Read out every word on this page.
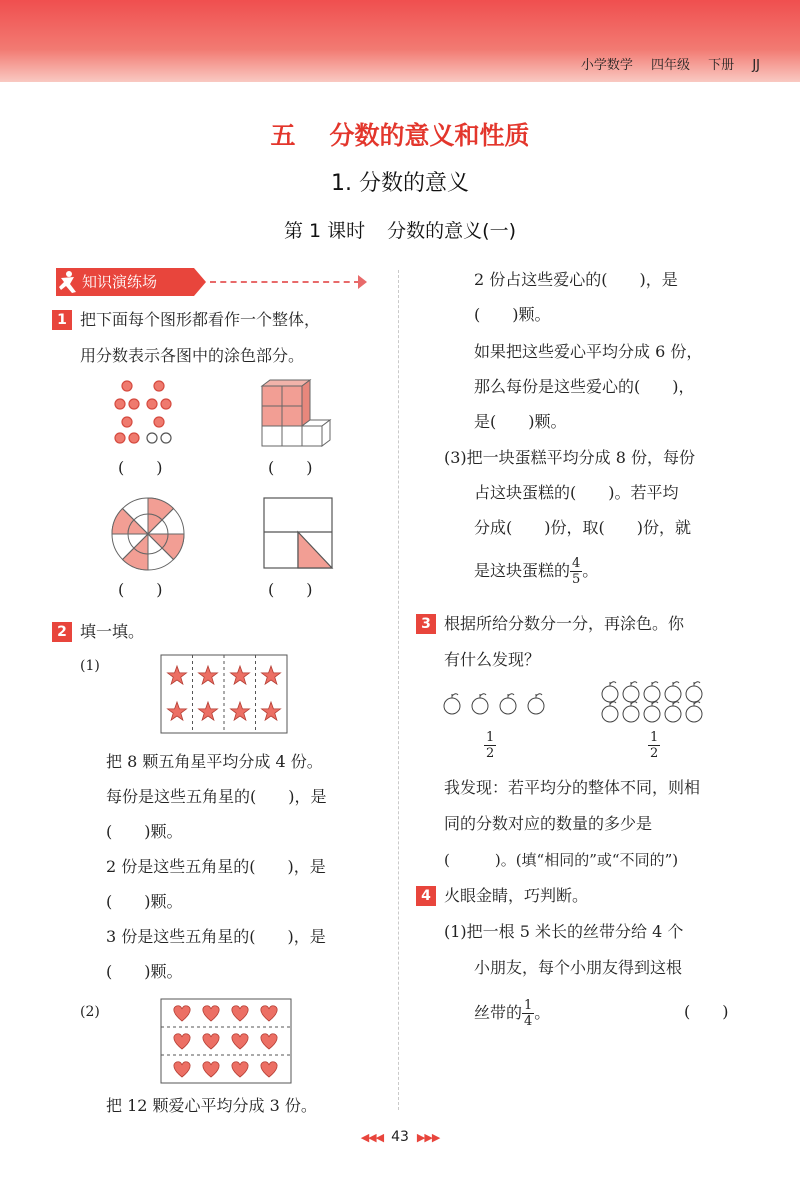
小学数学 四年级 下册 JJ
五 分数的意义和性质
1. 分数的意义
第 1 课时 分数的意义(一)
知识演练场
1 把下面每个图形都看作一个整体，
用分数表示各图中的涂色部分。
(　　)	(　　)
(　　)	(　　)
2 填一填。
(1)
把 8 颗五角星平均分成 4 份。
每份是这些五角星的(　　)，是
(　　)颗。
2 份是这些五角星的(　　)，是
(　　)颗。
3 份是这些五角星的(　　)，是
(　　)颗。
(2)
把 12 颗爱心平均分成 3 份。
2 份占这些爱心的(　　)，是
(　　)颗。
如果把这些爱心平均分成 6 份，
那么每份是这些爱心的(　　)，
是(　　)颗。
(3)把一块蛋糕平均分成 8 份，每份
占这块蛋糕的(　　)。若平均
分成(　　)份，取(　　)份，就
是这块蛋糕的 $\frac{4}{5}$ 。
3 根据所给分数分一分，再涂色。你
有什么发现？
$\frac{1}{2}$	$\frac{1}{2}$
我发现：若平均分的整体不同，则相
同的分数对应的数量的多少是
(　　　)。(填“相同的”或“不同的”)
4 火眼金睛，巧判断。
(1)把一根 5 米长的丝带分给 4 个
小朋友，每个小朋友得到这根
丝带的 $\frac{1}{4}$ 。	(　　)
◀◀◀ 43 ▶▶▶
